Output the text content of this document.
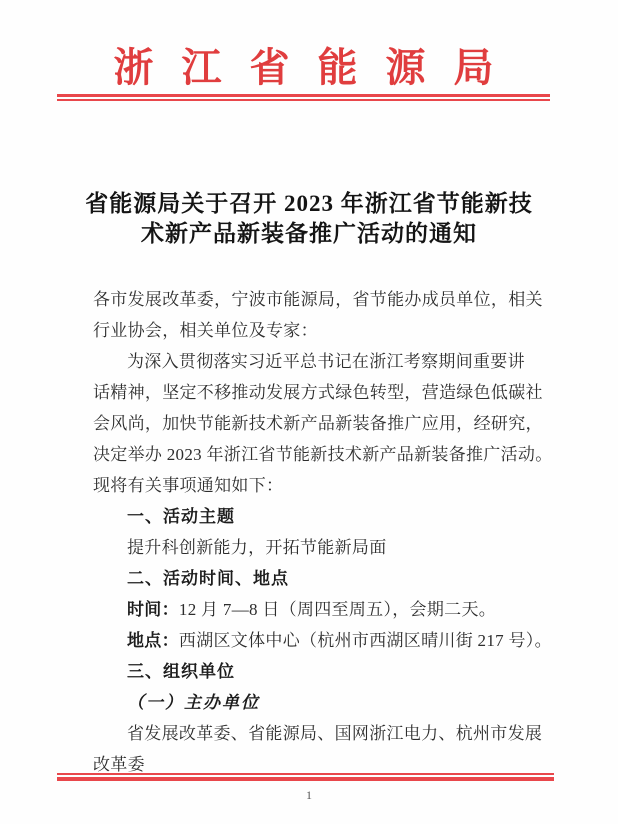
浙江省能源局
省能源局关于召开 2023 年浙江省节能新技
术新产品新装备推广活动的通知
各市发展改革委，宁波市能源局，省节能办成员单位，相关
行业协会，相关单位及专家：
为深入贯彻落实习近平总书记在浙江考察期间重要讲
话精神，坚定不移推动发展方式绿色转型，营造绿色低碳社
会风尚，加快节能新技术新产品新装备推广应用，经研究，
决定举办 2023 年浙江省节能新技术新产品新装备推广活动。
现将有关事项通知如下：
一、活动主题
提升科创新能力，开拓节能新局面
二、活动时间、地点
时间：12 月 7—8 日（周四至周五），会期二天。
地点：西湖区文体中心（杭州市西湖区晴川街 217 号）。
三、组织单位
（一）主办单位
省发展改革委、省能源局、国网浙江电力、杭州市发展
改革委
1
